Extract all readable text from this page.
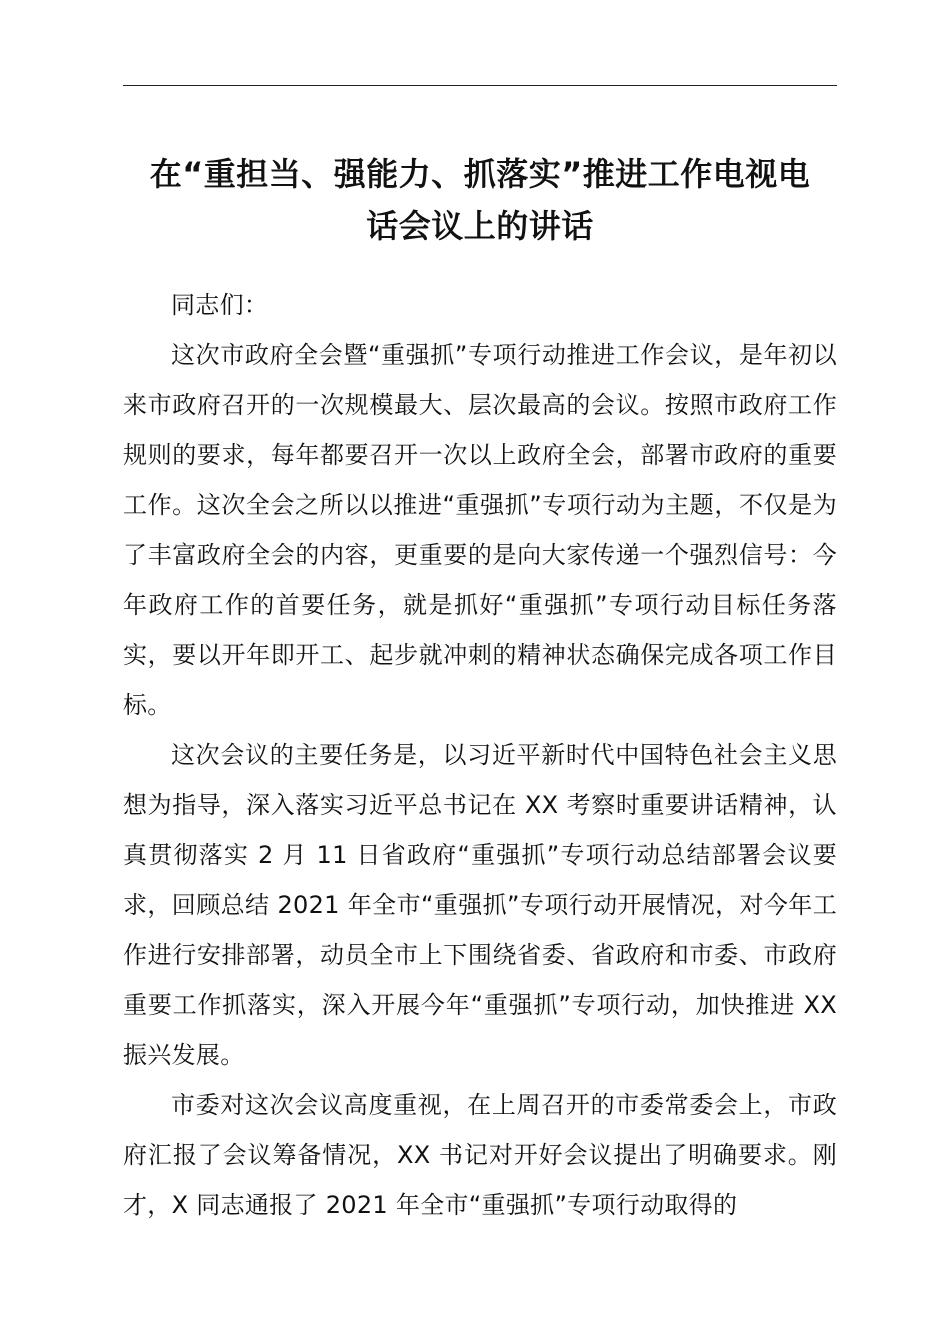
在“重担当、强能力、抓落实”推进工作电视电
话会议上的讲话

同志们：

这次市政府全会暨“重强抓”专项行动推进工作会议，是年初以来市政府召开的一次规模最大、层次最高的会议。按照市政府工作规则的要求，每年都要召开一次以上政府全会，部署市政府的重要工作。这次全会之所以以推进“重强抓”专项行动为主题，不仅是为了丰富政府全会的内容，更重要的是向大家传递一个强烈信号：今年政府工作的首要任务，就是抓好“重强抓”专项行动目标任务落实，要以开年即开工、起步就冲刺的精神状态确保完成各项工作目标。

这次会议的主要任务是，以习近平新时代中国特色社会主义思想为指导，深入落实习近平总书记在 XX 考察时重要讲话精神，认真贯彻落实 2 月 11 日省政府“重强抓”专项行动总结部署会议要求，回顾总结 2021 年全市“重强抓”专项行动开展情况，对今年工作进行安排部署，动员全市上下围绕省委、省政府和市委、市政府重要工作抓落实，深入开展今年“重强抓”专项行动，加快推进 XX 振兴发展。

市委对这次会议高度重视，在上周召开的市委常委会上，市政府汇报了会议筹备情况，XX 书记对开好会议提出了明确要求。刚才，X 同志通报了 2021 年全市“重强抓”专项行动取得的
